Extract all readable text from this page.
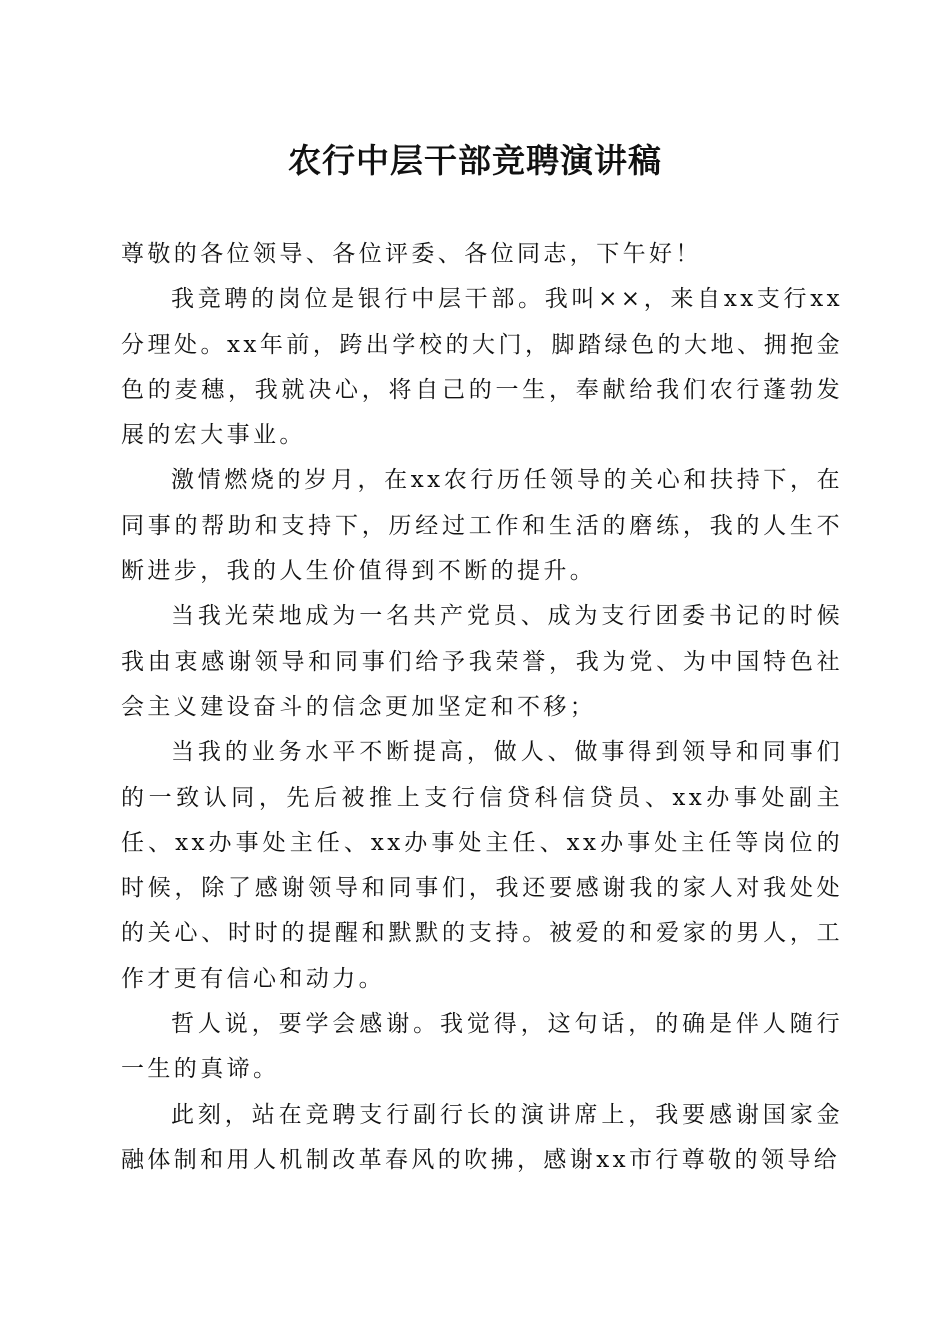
农行中层干部竞聘演讲稿

尊敬的各位领导、各位评委、各位同志，下午好！

我竞聘的岗位是银行中层干部。我叫××，来自xx支行xx分理处。xx年前，跨出学校的大门，脚踏绿色的大地、拥抱金色的麦穗，我就决心，将自己的一生，奉献给我们农行蓬勃发展的宏大事业。

激情燃烧的岁月，在xx农行历任领导的关心和扶持下，在同事的帮助和支持下，历经过工作和生活的磨练，我的人生不断进步，我的人生价值得到不断的提升。

当我光荣地成为一名共产党员、成为支行团委书记的时候我由衷感谢领导和同事们给予我荣誉，我为党、为中国特色社会主义建设奋斗的信念更加坚定和不移；

当我的业务水平不断提高，做人、做事得到领导和同事们的一致认同，先后被推上支行信贷科信贷员、xx办事处副主任、xx办事处主任、xx办事处主任、xx办事处主任等岗位的时候，除了感谢领导和同事们，我还要感谢我的家人对我处处的关心、时时的提醒和默默的支持。被爱的和爱家的男人，工作才更有信心和动力。

哲人说，要学会感谢。我觉得，这句话，的确是伴人随行一生的真谛。

此刻，站在竞聘支行副行长的演讲席上，我要感谢国家金融体制和用人机制改革春风的吹拂，感谢xx市行尊敬的领导给
